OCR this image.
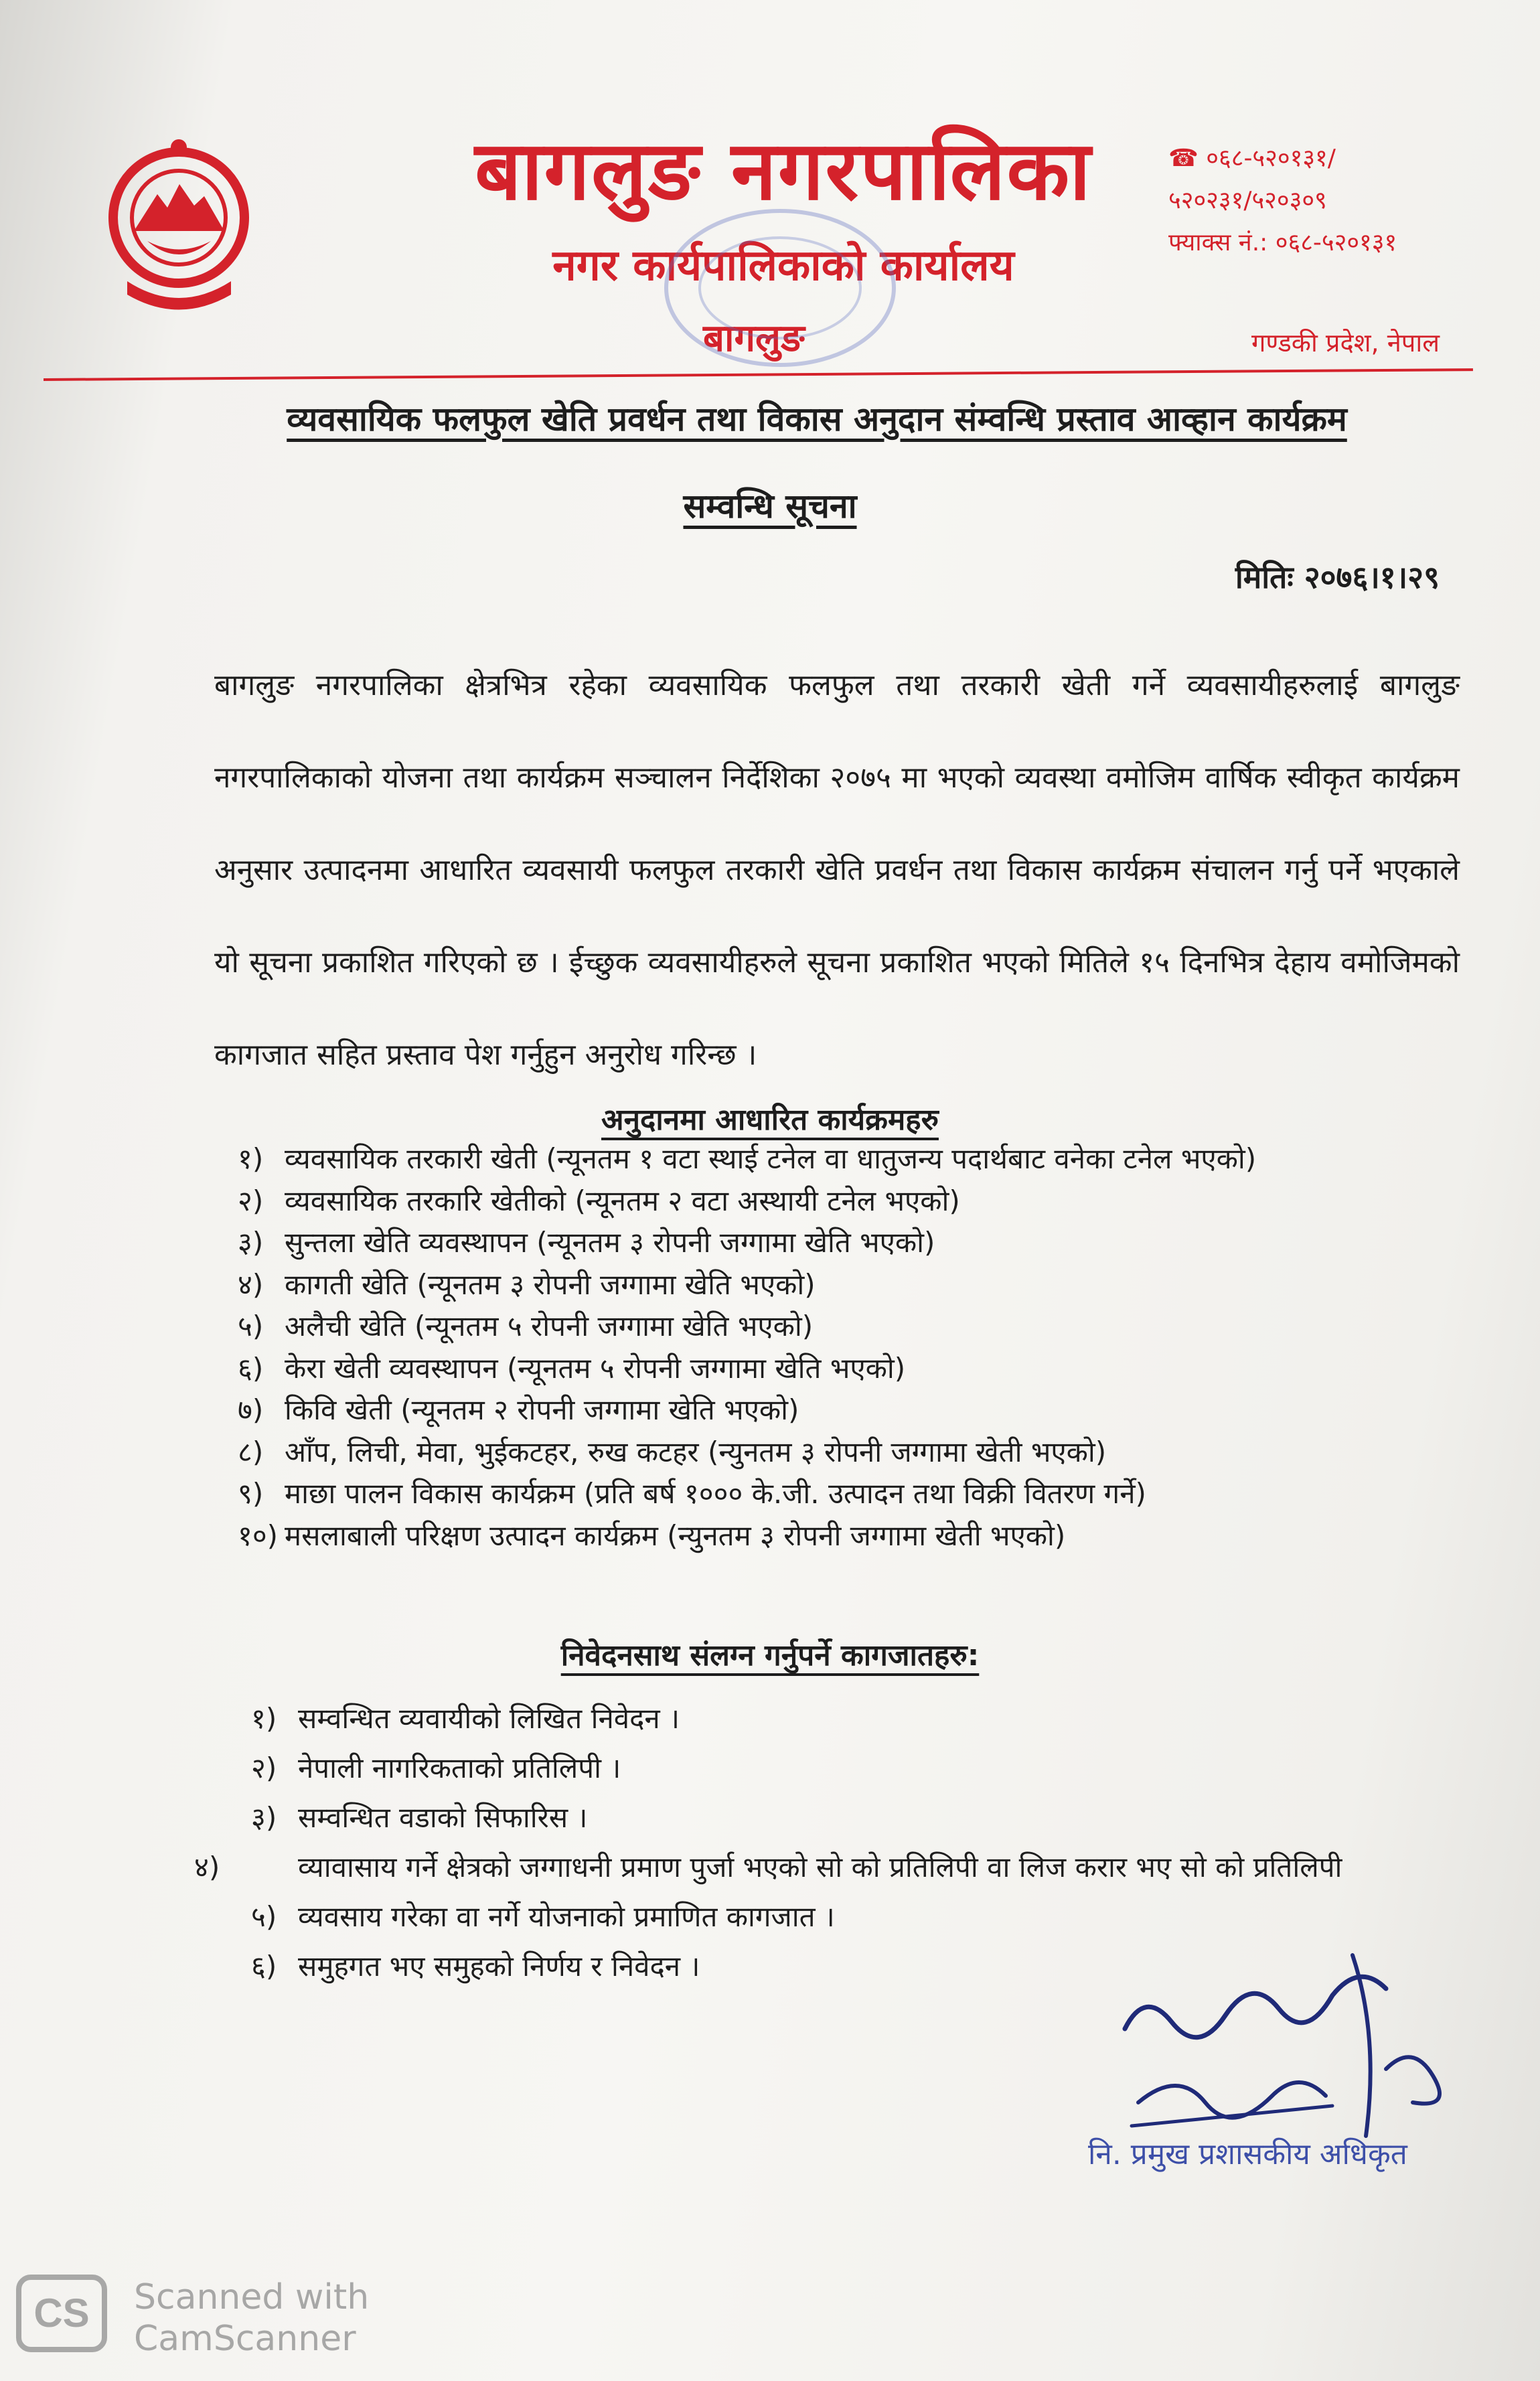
बागलुङ नगरपालिका
नगर कार्यपालिकाको कार्यालय
बागलुङ
☎ ०६८-५२०१३१/
५२०२३१/५२०३०९
फ्याक्स नं.: ०६८-५२०१३१
गण्डकी प्रदेश, नेपाल
व्यवसायिक फलफुल खेति प्रवर्धन तथा विकास अनुदान संम्वन्धि प्रस्ताव आव्हान कार्यक्रम
सम्वन्धि सूचना
मितिः २०७६।१।२९
बागलुङ नगरपालिका क्षेत्रभित्र रहेका व्यवसायिक फलफुल तथा तरकारी खेती गर्ने व्यवसायीहरुलाई बागलुङ नगरपालिकाको योजना तथा कार्यक्रम सञ्चालन निर्देशिका २०७५ मा भएको व्यवस्था वमोजिम वार्षिक स्वीकृत कार्यक्रम अनुसार उत्पादनमा आधारित व्यवसायी फलफुल तरकारी खेति प्रवर्धन तथा विकास कार्यक्रम संचालन गर्नु पर्ने भएकाले यो सूचना प्रकाशित गरिएको छ । ईच्छुक व्यवसायीहरुले सूचना प्रकाशित भएको मितिले १५ दिनभित्र देहाय वमोजिमको कागजात सहित प्रस्ताव पेश गर्नुहुन अनुरोध गरिन्छ ।
अनुदानमा आधारित कार्यक्रमहरु
१) व्यवसायिक तरकारी खेती (न्यूनतम १ वटा स्थाई टनेल वा धातुजन्य पदार्थबाट वनेका टनेल भएको)
२) व्यवसायिक तरकारि खेतीको (न्यूनतम २ वटा अस्थायी टनेल भएको)
३) सुन्तला खेति व्यवस्थापन (न्यूनतम ३ रोपनी जग्गामा खेति भएको)
४) कागती खेति (न्यूनतम ३ रोपनी जग्गामा खेति भएको)
५) अलैची खेति (न्यूनतम ५ रोपनी जग्गामा खेति भएको)
६) केरा खेती व्यवस्थापन (न्यूनतम ५ रोपनी जग्गामा खेति भएको)
७) किवि खेती (न्यूनतम २ रोपनी जग्गामा खेति भएको)
८) आँप, लिची, मेवा, भुईकटहर, रुख कटहर (न्युनतम ३ रोपनी जग्गामा खेती भएको)
९) माछा पालन विकास कार्यक्रम (प्रति बर्ष १००० के.जी. उत्पादन तथा विक्री वितरण गर्ने)
१०) मसलाबाली परिक्षण उत्पादन कार्यक्रम (न्युनतम ३ रोपनी जग्गामा खेती भएको)
निवेदनसाथ संलग्न गर्नुपर्ने कागजातहरु:
१) सम्वन्धित व्यवायीको लिखित निवेदन ।
२) नेपाली नागरिकताको प्रतिलिपी ।
३) सम्वन्धित वडाको सिफारिस ।
४)	व्यावासाय गर्ने क्षेत्रको जग्गाधनी प्रमाण पुर्जा भएको सो को प्रतिलिपी वा लिज करार भए सो को प्रतिलिपी
५) व्यवसाय गरेका वा नर्गे योजनाको प्रमाणित कागजात ।
६) समुहगत भए समुहको निर्णय र निवेदन ।
नि. प्रमुख प्रशासकीय अधिकृत
CS Scanned with
CamScanner
